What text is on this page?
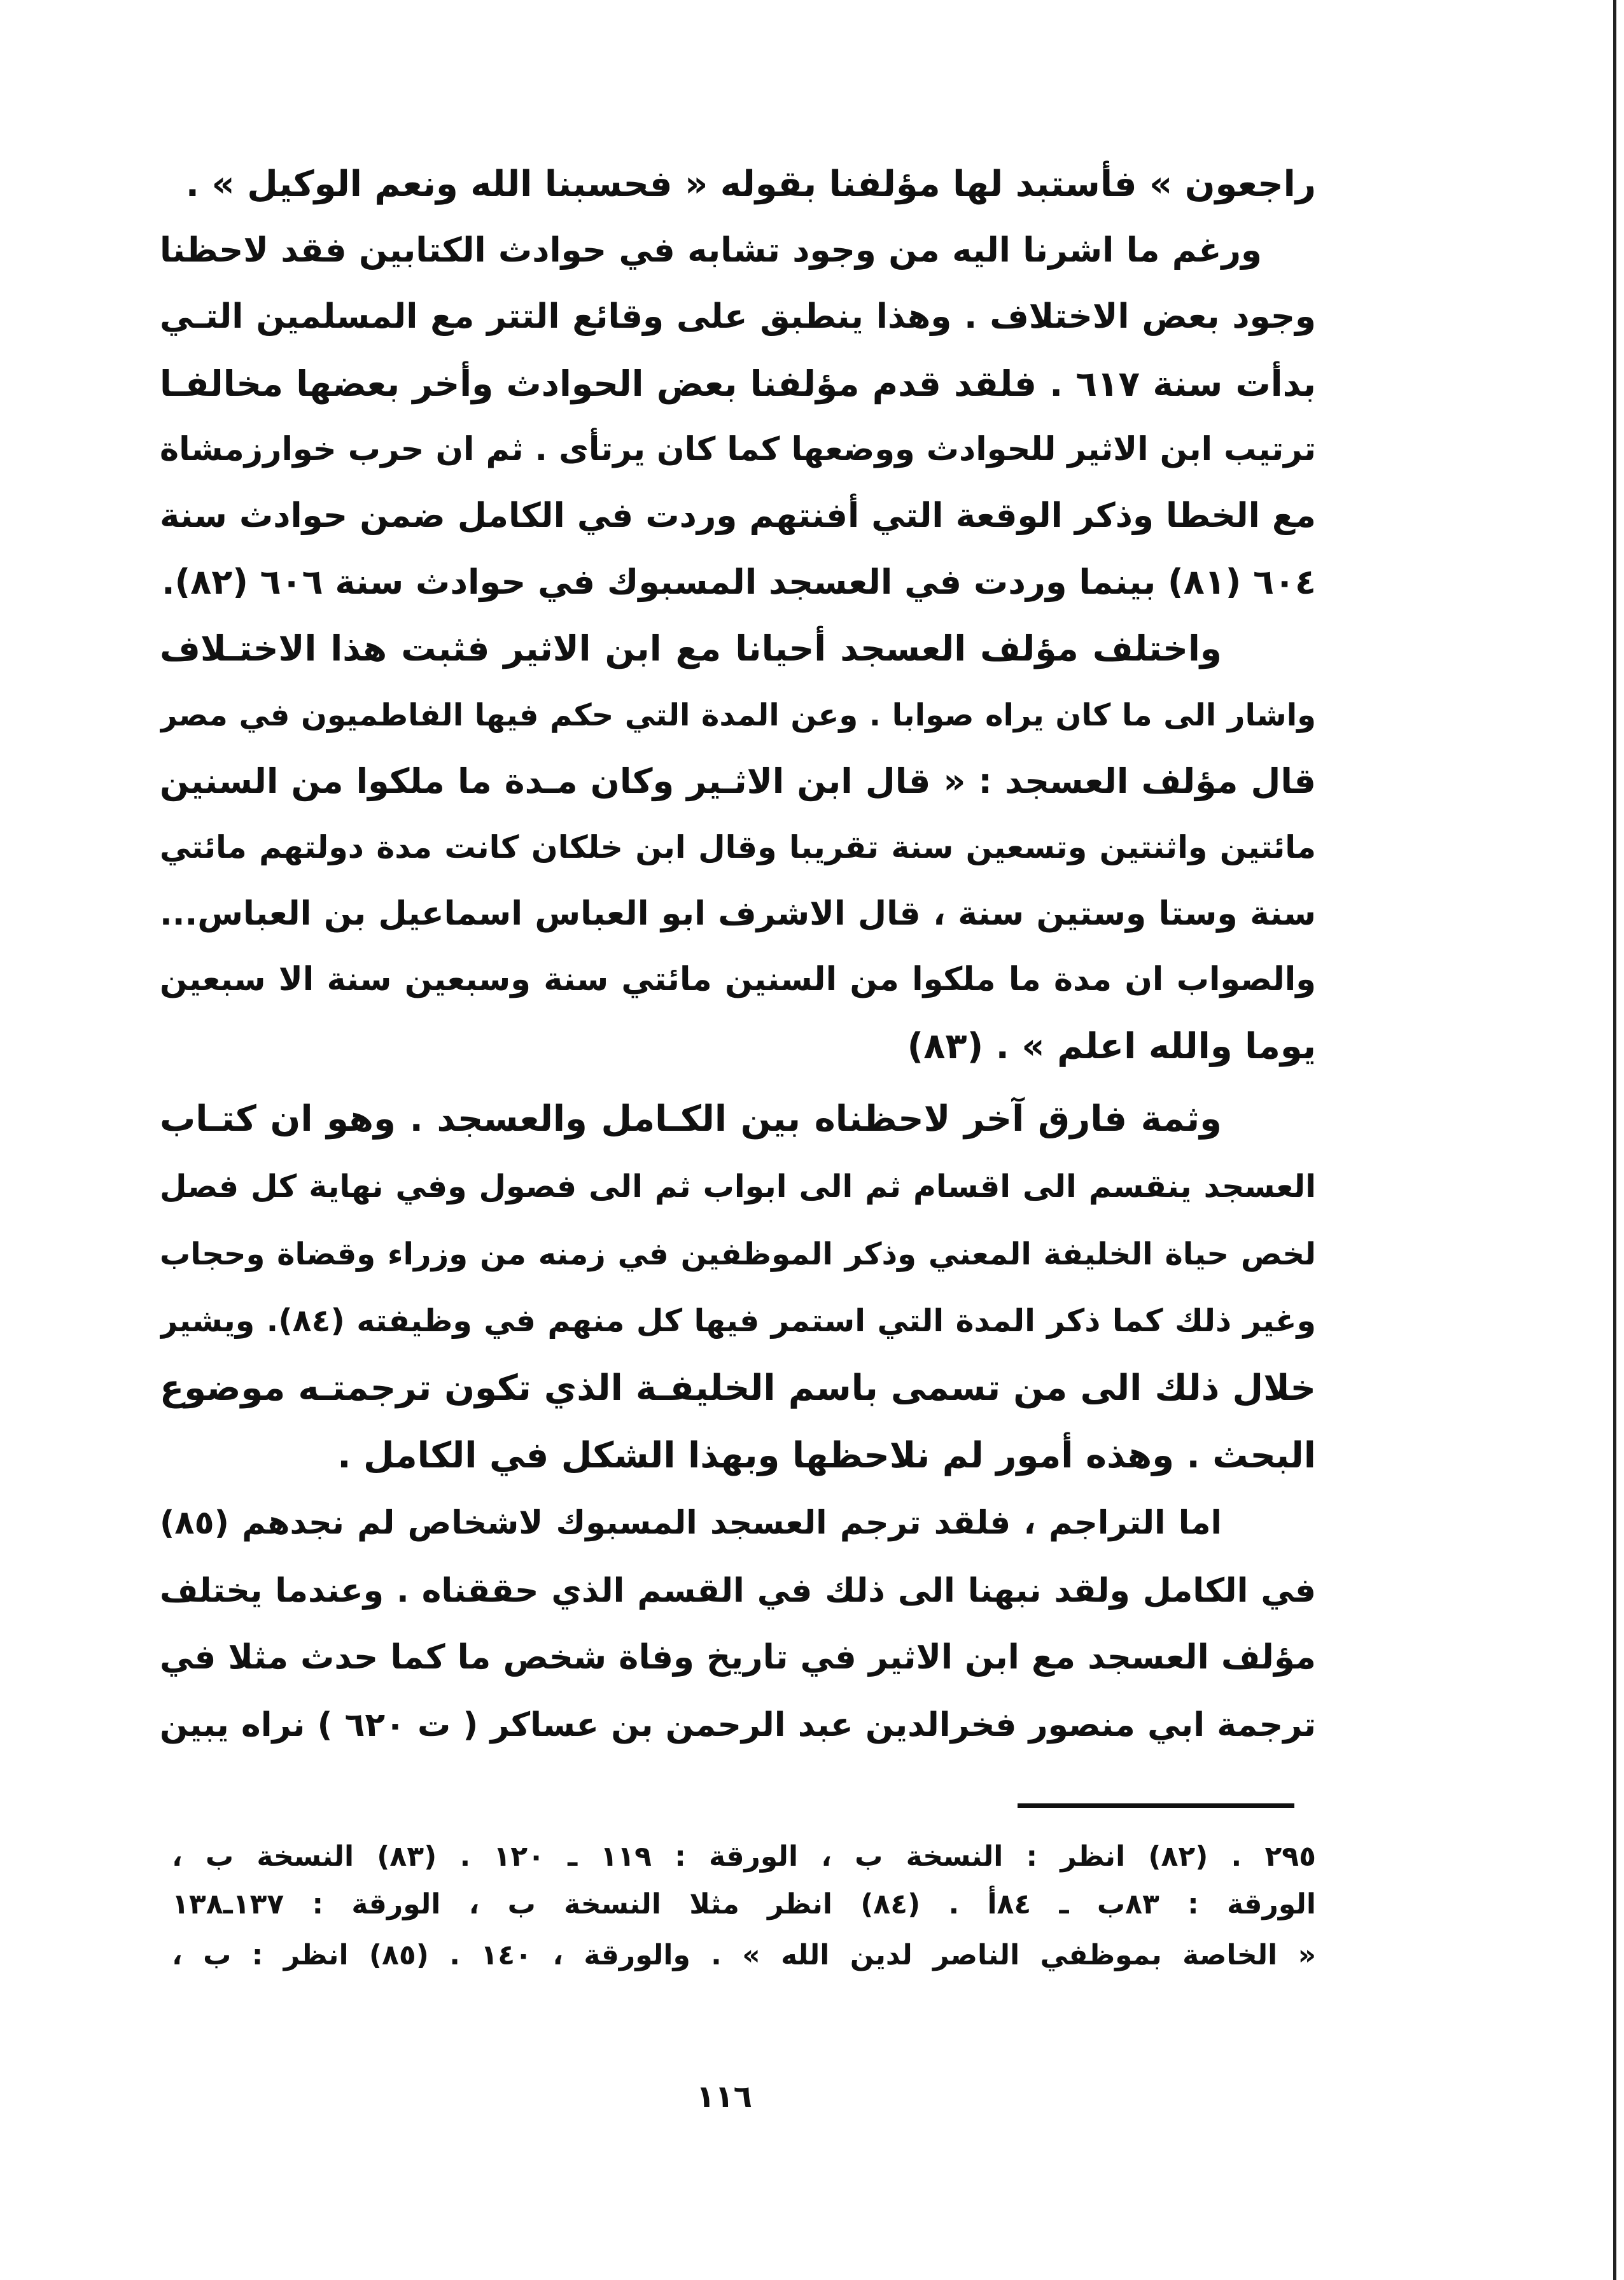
راجعون » فأستبد لها مؤلفنا بقوله « فحسبنا الله ونعم الوكيل » .
ورغم ما اشرنا اليه من وجود تشابه في حوادث الكتابين فقد لاحظنا
وجود بعض الاختلاف . وهذا ينطبق على وقائع التتر مع المسلمين التـي
بدأت سنة ٦١٧ . فلقد قدم مؤلفنا بعض الحوادث وأخر بعضها مخالفـا
ترتيب ابن الاثير للحوادث ووضعها كما كان يرتأى . ثم ان حرب خوارزمشاة
مع الخطا وذكر الوقعة التي أفنتهم وردت في الكامل ضمن حوادث سنة
٦٠٤ (٨١) بينما وردت في العسجد المسبوك في حوادث سنة ٦٠٦ (٨٢).
واختلف مؤلف العسجد أحيانا مع ابن الاثير فثبت هذا الاختـلاف
واشار الى ما كان يراه صوابا . وعن المدة التي حكم فيها الفاطميون في مصر
قال مؤلف العسجد : « قال ابن الاثـير وكان مـدة ما ملكوا من السنين
مائتين واثنتين وتسعين سنة تقريبا وقال ابن خلكان كانت مدة دولتهم مائتي
سنة وستا وستين سنة ، قال الاشرف ابو العباس اسماعيل بن العباس...
والصواب ان مدة ما ملكوا من السنين مائتي سنة وسبعين سنة الا سبعين
يوما والله اعلم » . (٨٣)
وثمة فارق آخر لاحظناه بين الكـامل والعسجد . وهو ان كتـاب
العسجد ينقسم الى اقسام ثم الى ابواب ثم الى فصول وفي نهاية كل فصل
لخص حياة الخليفة المعني وذكر الموظفين في زمنه من وزراء وقضاة وحجاب
وغير ذلك كما ذكر المدة التي استمر فيها كل منهم في وظيفته (٨٤). ويشير
خلال ذلك الى من تسمى باسم الخليفـة الذي تكون ترجمتـه موضوع
البحث . وهذه أمور لم نلاحظها وبهذا الشكل في الكامل .
اما التراجم ، فلقد ترجم العسجد المسبوك لاشخاص لم نجدهم (٨٥)
في الكامل ولقد نبهنا الى ذلك في القسم الذي حققناه . وعندما يختلف
مؤلف العسجد مع ابن الاثير في تاريخ وفاة شخص ما كما حدث مثلا في
ترجمة ابي منصور فخرالدين عبد الرحمن بن عساكر ( ت ٦٢٠ ) نراه يبين
٢٩٥ . (٨٢) انظر : النسخة ب ، الورقة : ١١٩ ـ ١٢٠ . (٨٣) النسخة ب ،
الورقة : ٨٣ب ـ ٨٤أ . (٨٤) انظر مثلا النسخة ب ، الورقة : ١٣٧ـ١٣٨
« الخاصة بموظفي الناصر لدين الله » . والورقة ، ١٤٠ . (٨٥) انظر : ب ،
١١٦
